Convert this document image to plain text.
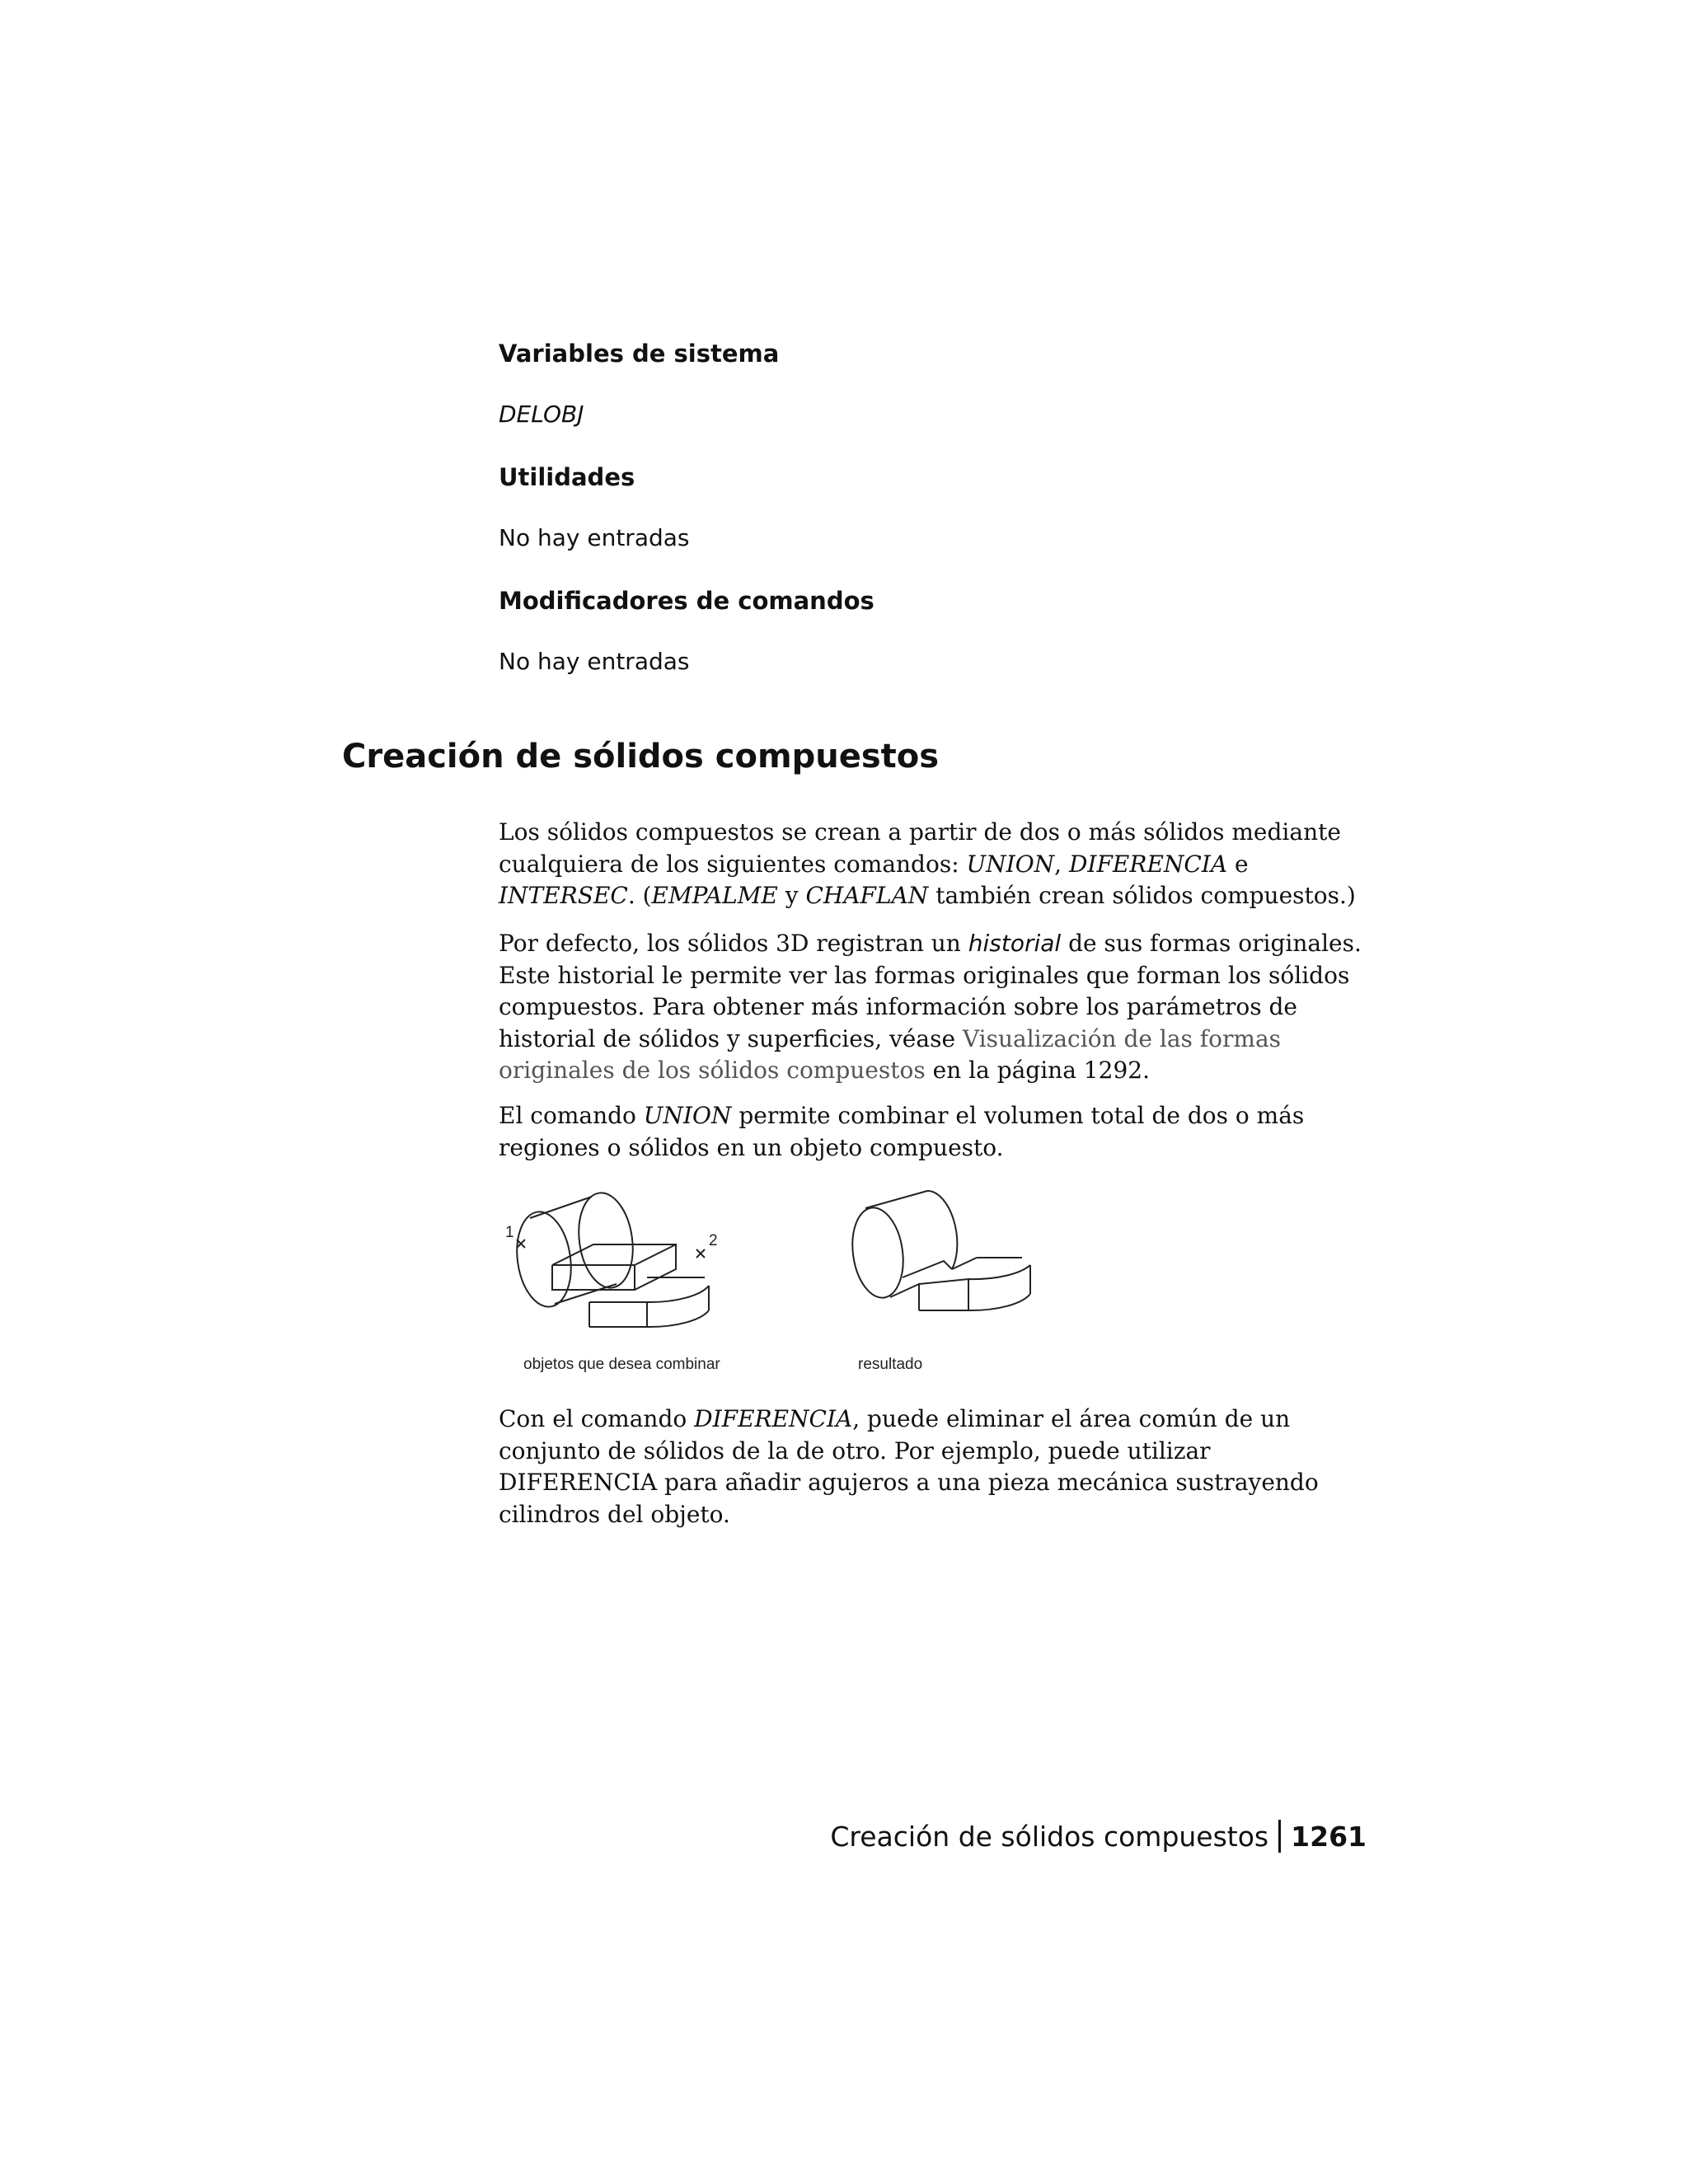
Variables de sistema

DELOBJ

Utilidades

No hay entradas

Modificadores de comandos

No hay entradas

Creación de sólidos compuestos

Los sólidos compuestos se crean a partir de dos o más sólidos mediante cualquiera de los siguientes comandos: UNION, DIFERENCIA e INTERSEC. (EMPALME y CHAFLAN también crean sólidos compuestos.)

Por defecto, los sólidos 3D registran un historial de sus formas originales. Este historial le permite ver las formas originales que forman los sólidos compuestos. Para obtener más información sobre los parámetros de historial de sólidos y superficies, véase Visualización de las formas originales de los sólidos compuestos en la página 1292.

El comando UNION permite combinar el volumen total de dos o más regiones o sólidos en un objeto compuesto.

1	2
objetos que desea combinar	resultado

Con el comando DIFERENCIA, puede eliminar el área común de un conjunto de sólidos de la de otro. Por ejemplo, puede utilizar DIFERENCIA para añadir agujeros a una pieza mecánica sustrayendo cilindros del objeto.

Creación de sólidos compuestos 1261
